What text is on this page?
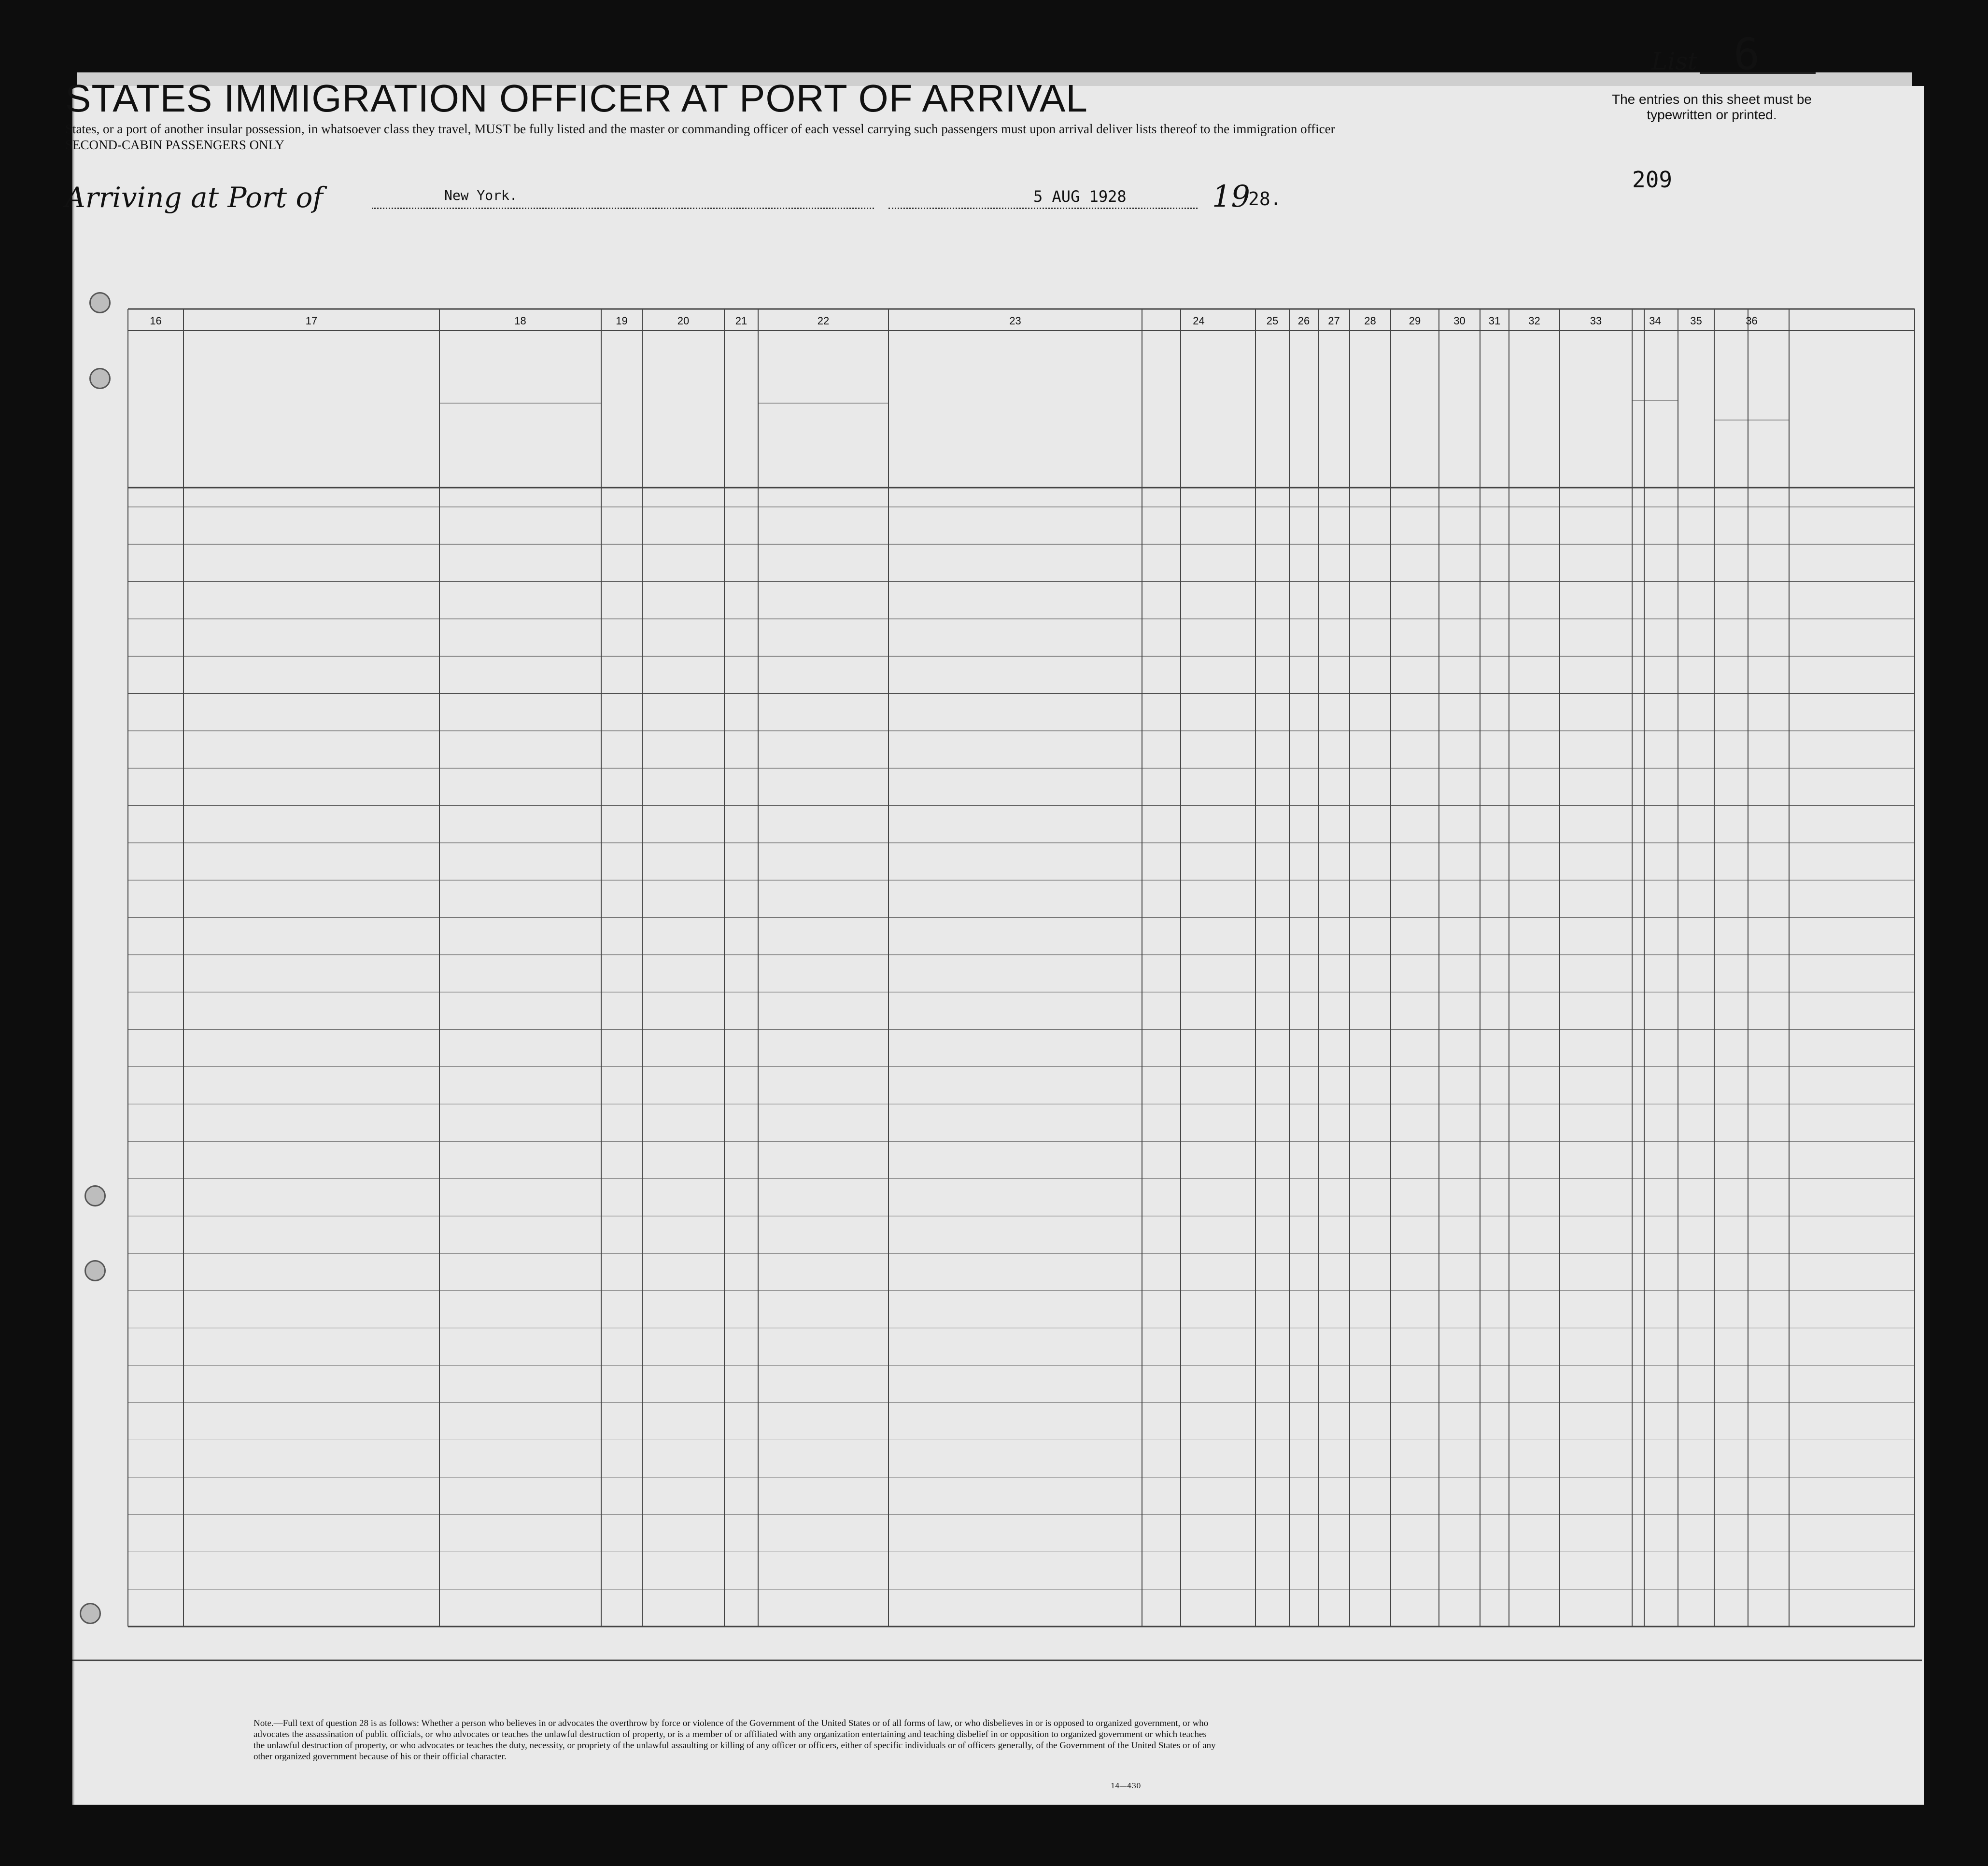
STATES IMMIGRATION OFFICER AT PORT OF ARRIVAL
States, or a port of another insular possession, in whatsoever class they travel, MUST be fully listed and the master or commanding officer of each vessel carrying such passengers must upon arrival deliver lists thereof to the immigration officer
SECOND-CABIN PASSENGERS ONLY
List 6
The entries on this sheet must be typewritten or printed.
209
Arriving at Port of	New York.	5 AUG 1928	19
28.
16	17	18	19	20	21	22	23	24	25	26	27	28	29	30	31	32	33	34	35	36
Note.—Full text of question 28 is as follows: Whether a person who believes in or advocates the overthrow by force or violence of the Government of the United States or of all forms of law, or who disbelieves in or is opposed to organized government, or who advocates the assassination of public officials, or who advocates or teaches the unlawful destruction of property, or is a member of or affiliated with any organization entertaining and teaching disbelief in or opposition to organized government or which teaches the unlawful destruction of property, or who advocates or teaches the duty, necessity, or propriety of the unlawful assaulting or killing of any officer or officers, either of specific individuals or of officers generally, of the Government of the United States or of any other organized government because of his or their official character.
14—430
